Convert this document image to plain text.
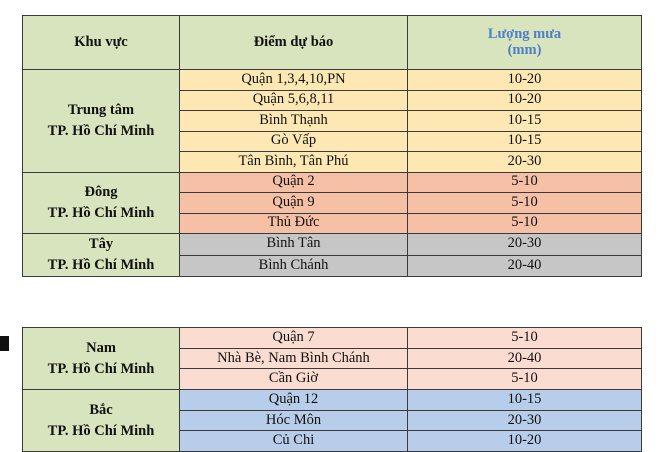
Khu vực	Điểm dự báo	Lượng mưa
(mm)
Trung tâm
TP. Hồ Chí Minh	Quận 1,3,4,10,PN	10-20
	Quận 5,6,8,11	10-20
	Bình Thạnh	10-15
	Gò Vấp	10-15
	Tân Bình, Tân Phú	20-30
Đông
TP. Hồ Chí Minh	Quận 2	5-10
	Quận 9	5-10
	Thủ Đức	5-10
Tây
TP. Hồ Chí Minh	Bình Tân	20-30
	Bình Chánh	20-40
Nam
TP. Hồ Chí Minh	Quận 7	5-10
	Nhà Bè, Nam Bình Chánh	20-40
	Cần Giờ	5-10
Bắc
TP. Hồ Chí Minh	Quận 12	10-15
	Hóc Môn	20-30
	Củ Chi	10-20
